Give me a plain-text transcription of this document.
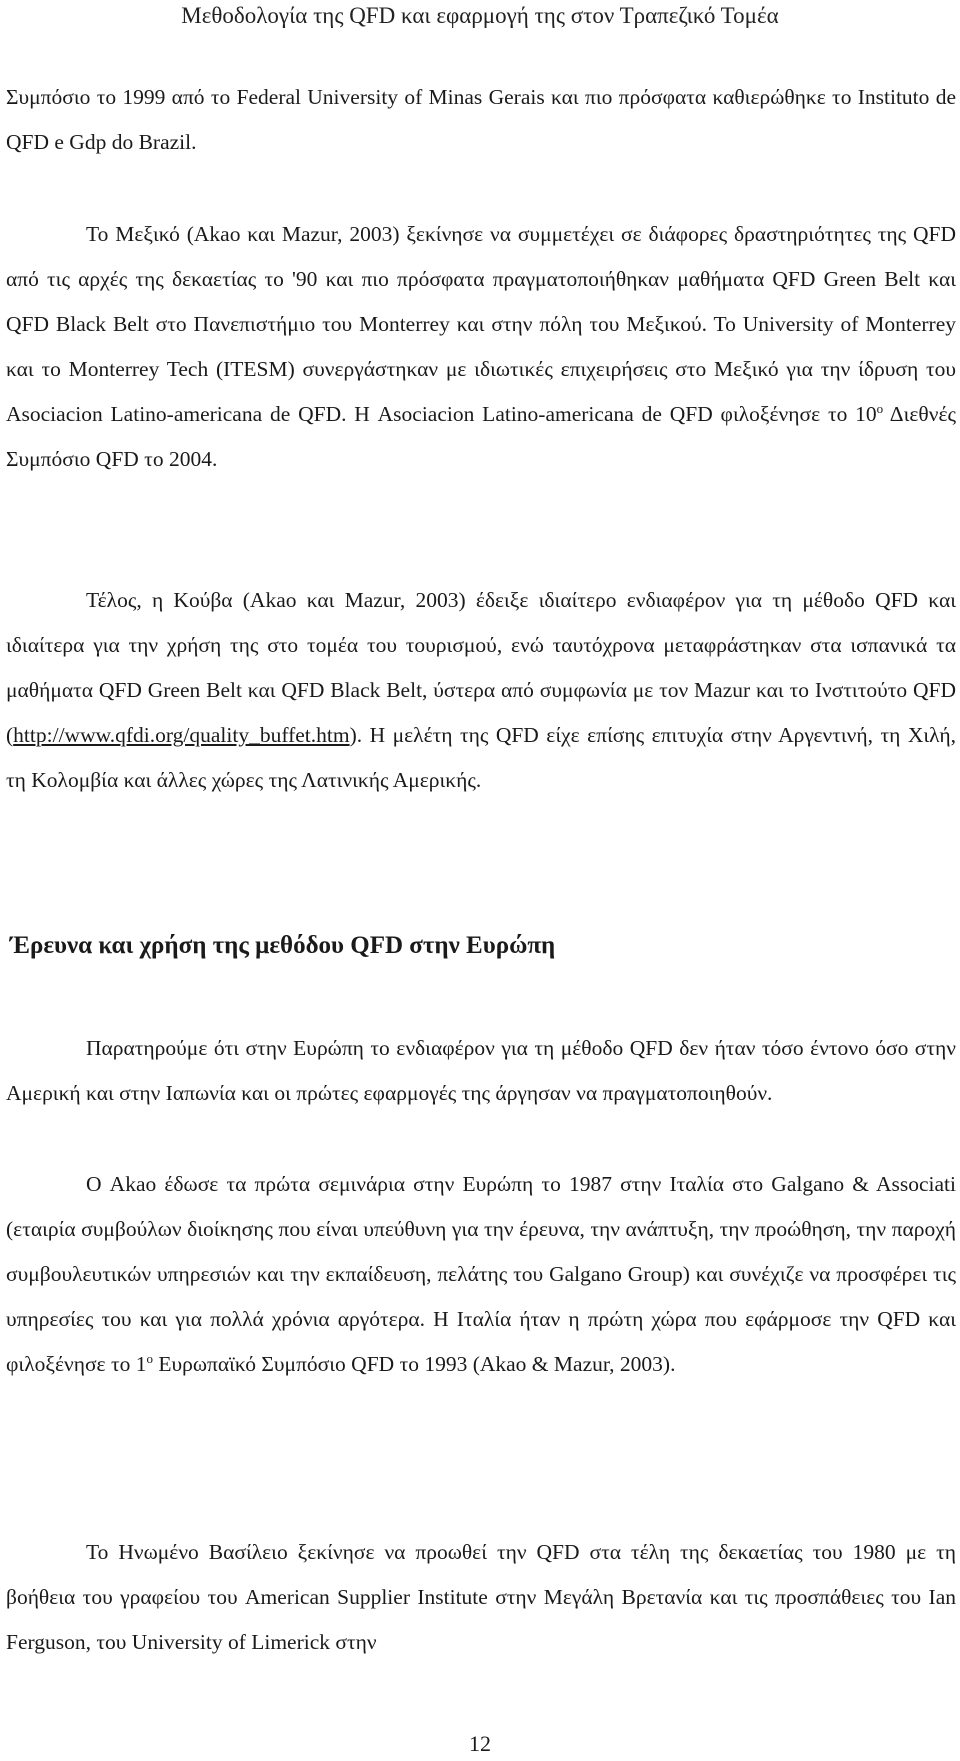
Μεθοδολογία της QFD και εφαρμογή της στον Τραπεζικό Τομέα

Συμπόσιο το 1999 από το Federal University of Minas Gerais και πιο πρόσφατα καθιερώθηκε το Instituto de QFD e Gdp do Brazil.

Το Μεξικό (Akao και Mazur, 2003) ξεκίνησε να συμμετέχει σε διάφορες δραστηριότητες της QFD από τις αρχές της δεκαετίας το '90 και πιο πρόσφατα πραγματοποιήθηκαν μαθήματα QFD Green Belt και QFD Black Belt στο Πανεπιστήμιο του Monterrey και στην πόλη του Μεξικού. Το University of Monterrey και το Monterrey Tech (ITESM) συνεργάστηκαν με ιδιωτικές επιχειρήσεις στο Μεξικό για την ίδρυση του Asociacion Latino-americana de QFD. Η Asociacion Latino-americana de QFD φιλοξένησε το $10^o$ Διεθνές Συμπόσιο QFD το 2004.

Τέλος, η Κούβα (Akao και Mazur, 2003) έδειξε ιδιαίτερο ενδιαφέρον για τη μέθοδο QFD και ιδιαίτερα για την χρήση της στο τομέα του τουρισμού, ενώ ταυτόχρονα μεταφράστηκαν στα ισπανικά τα μαθήματα QFD Green Belt και QFD Black Belt, ύστερα από συμφωνία με τον Mazur και το Ινστιτούτο QFD (http://www.qfdi.org/quality_buffet.htm). Η μελέτη της QFD είχε επίσης επιτυχία στην Αργεντινή, τη Χιλή, τη Κολομβία και άλλες χώρες της Λατινικής Αμερικής.

Έρευνα και χρήση της μεθόδου QFD στην Ευρώπη

Παρατηρούμε ότι στην Ευρώπη το ενδιαφέρον για τη μέθοδο QFD δεν ήταν τόσο έντονο όσο στην Αμερική και στην Ιαπωνία και οι πρώτες εφαρμογές της άργησαν να πραγματοποιηθούν.

Ο Akao έδωσε τα πρώτα σεμινάρια στην Ευρώπη το 1987 στην Ιταλία στο Galgano & Associati (εταιρία συμβούλων διοίκησης που είναι υπεύθυνη για την έρευνα, την ανάπτυξη, την προώθηση, την παροχή συμβουλευτικών υπηρεσιών και την εκπαίδευση, πελάτης του Galgano Group) και συνέχιζε να προσφέρει τις υπηρεσίες του και για πολλά χρόνια αργότερα. Η Ιταλία ήταν η πρώτη χώρα που εφάρμοσε την QFD και φιλοξένησε το $1^o$ Ευρωπαϊκό Συμπόσιο QFD το 1993 (Akao & Mazur, 2003).

Το Ηνωμένο Βασίλειο ξεκίνησε να προωθεί την QFD στα τέλη της δεκαετίας του 1980 με τη βοήθεια του γραφείου του American Supplier Institute στην Μεγάλη Βρετανία και τις προσπάθειες του Ian Ferguson, του University of Limerick στην

12
